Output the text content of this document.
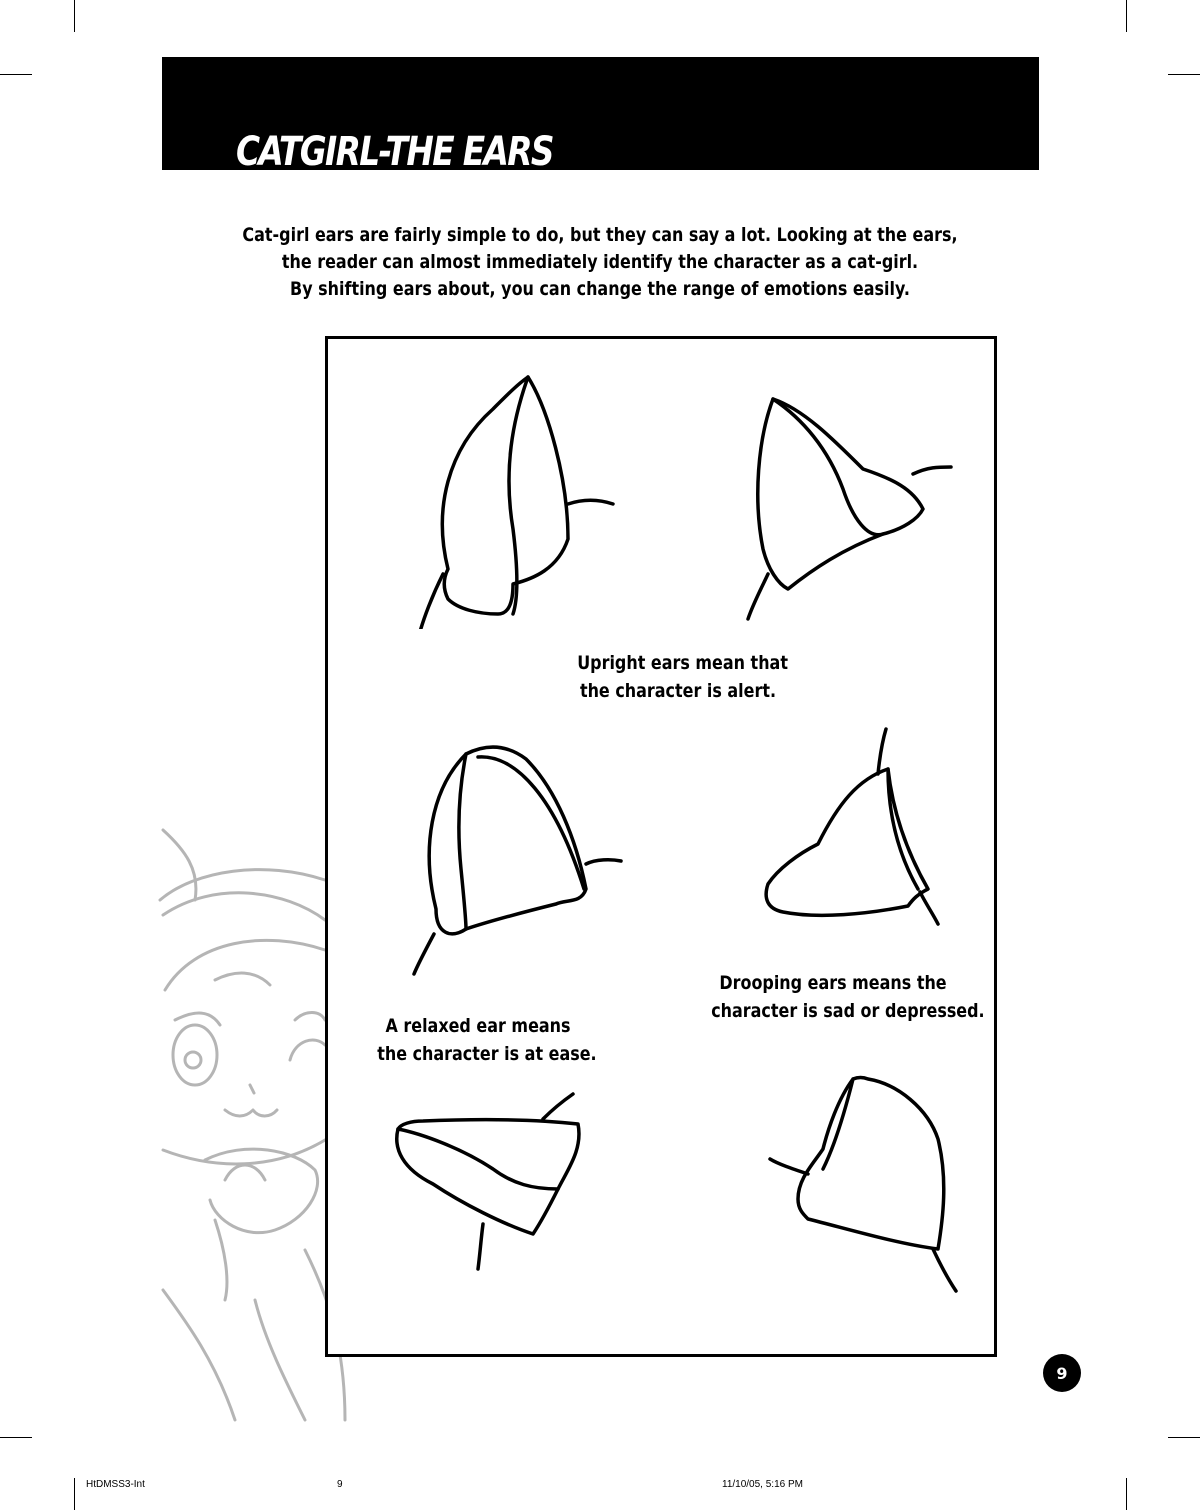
CATGIRL-THE EARS
Cat-girl ears are fairly simple to do, but they can say a lot. Looking at the ears,
the reader can almost immediately identify the character as a cat-girl.
By shifting ears about, you can change the range of emotions easily.
Upright ears mean that
the character is alert.
Drooping ears means the
character is sad or depressed.
A relaxed ear means
the character is at ease.
9
HtDMSS3-Int	9	11/10/05, 5:16 PM
